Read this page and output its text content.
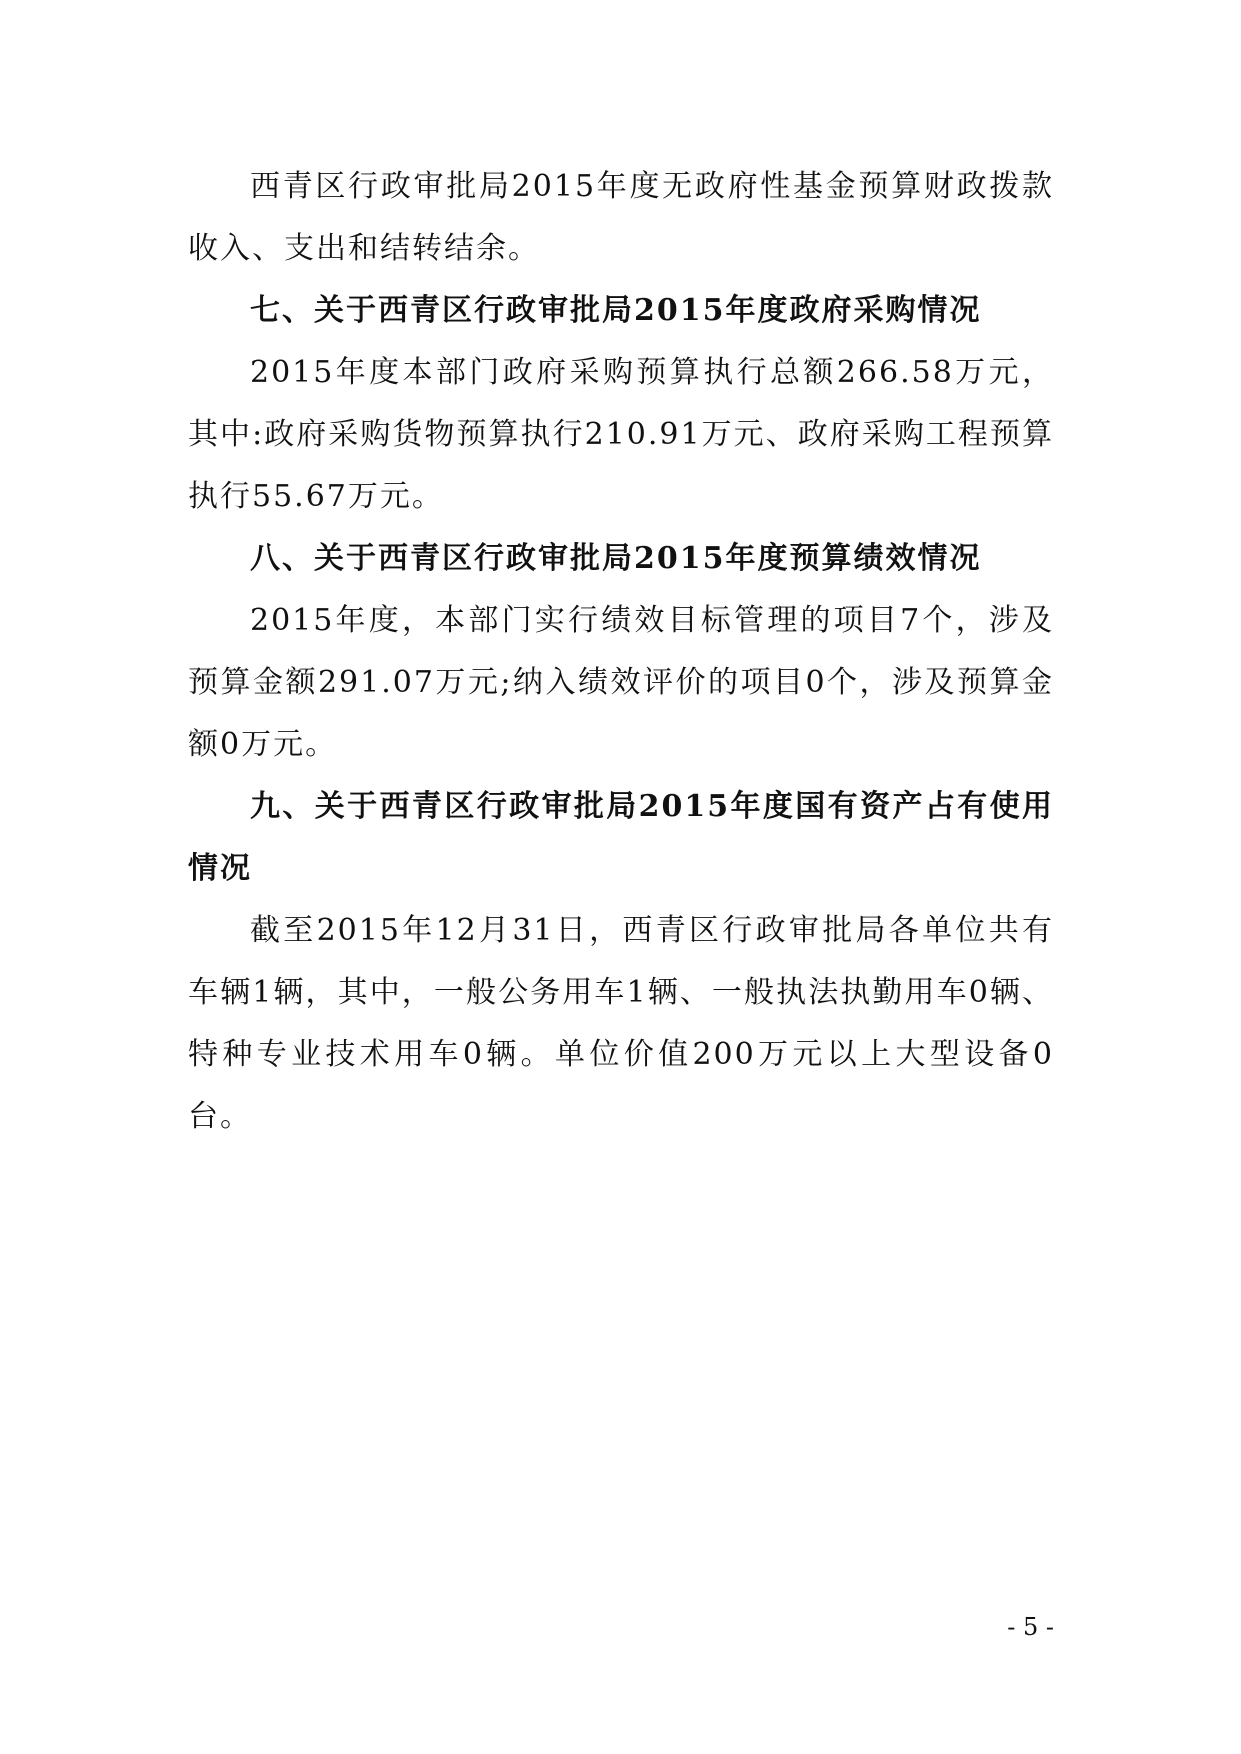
西青区行政审批局2015年度无政府性基金预算财政拨款收入、支出和结转结余。

七、关于西青区行政审批局2015年度政府采购情况

2015年度本部门政府采购预算执行总额266.58万元，其中:政府采购货物预算执行210.91万元、政府采购工程预算执行55.67万元。

八、关于西青区行政审批局2015年度预算绩效情况

2015年度，本部门实行绩效目标管理的项目7个，涉及预算金额291.07万元;纳入绩效评价的项目0个，涉及预算金额0万元。

九、关于西青区行政审批局2015年度国有资产占有使用情况

截至2015年12月31日，西青区行政审批局各单位共有车辆1辆，其中，一般公务用车1辆、一般执法执勤用车0辆、特种专业技术用车0辆。单位价值200万元以上大型设备0台。

- 5 -
